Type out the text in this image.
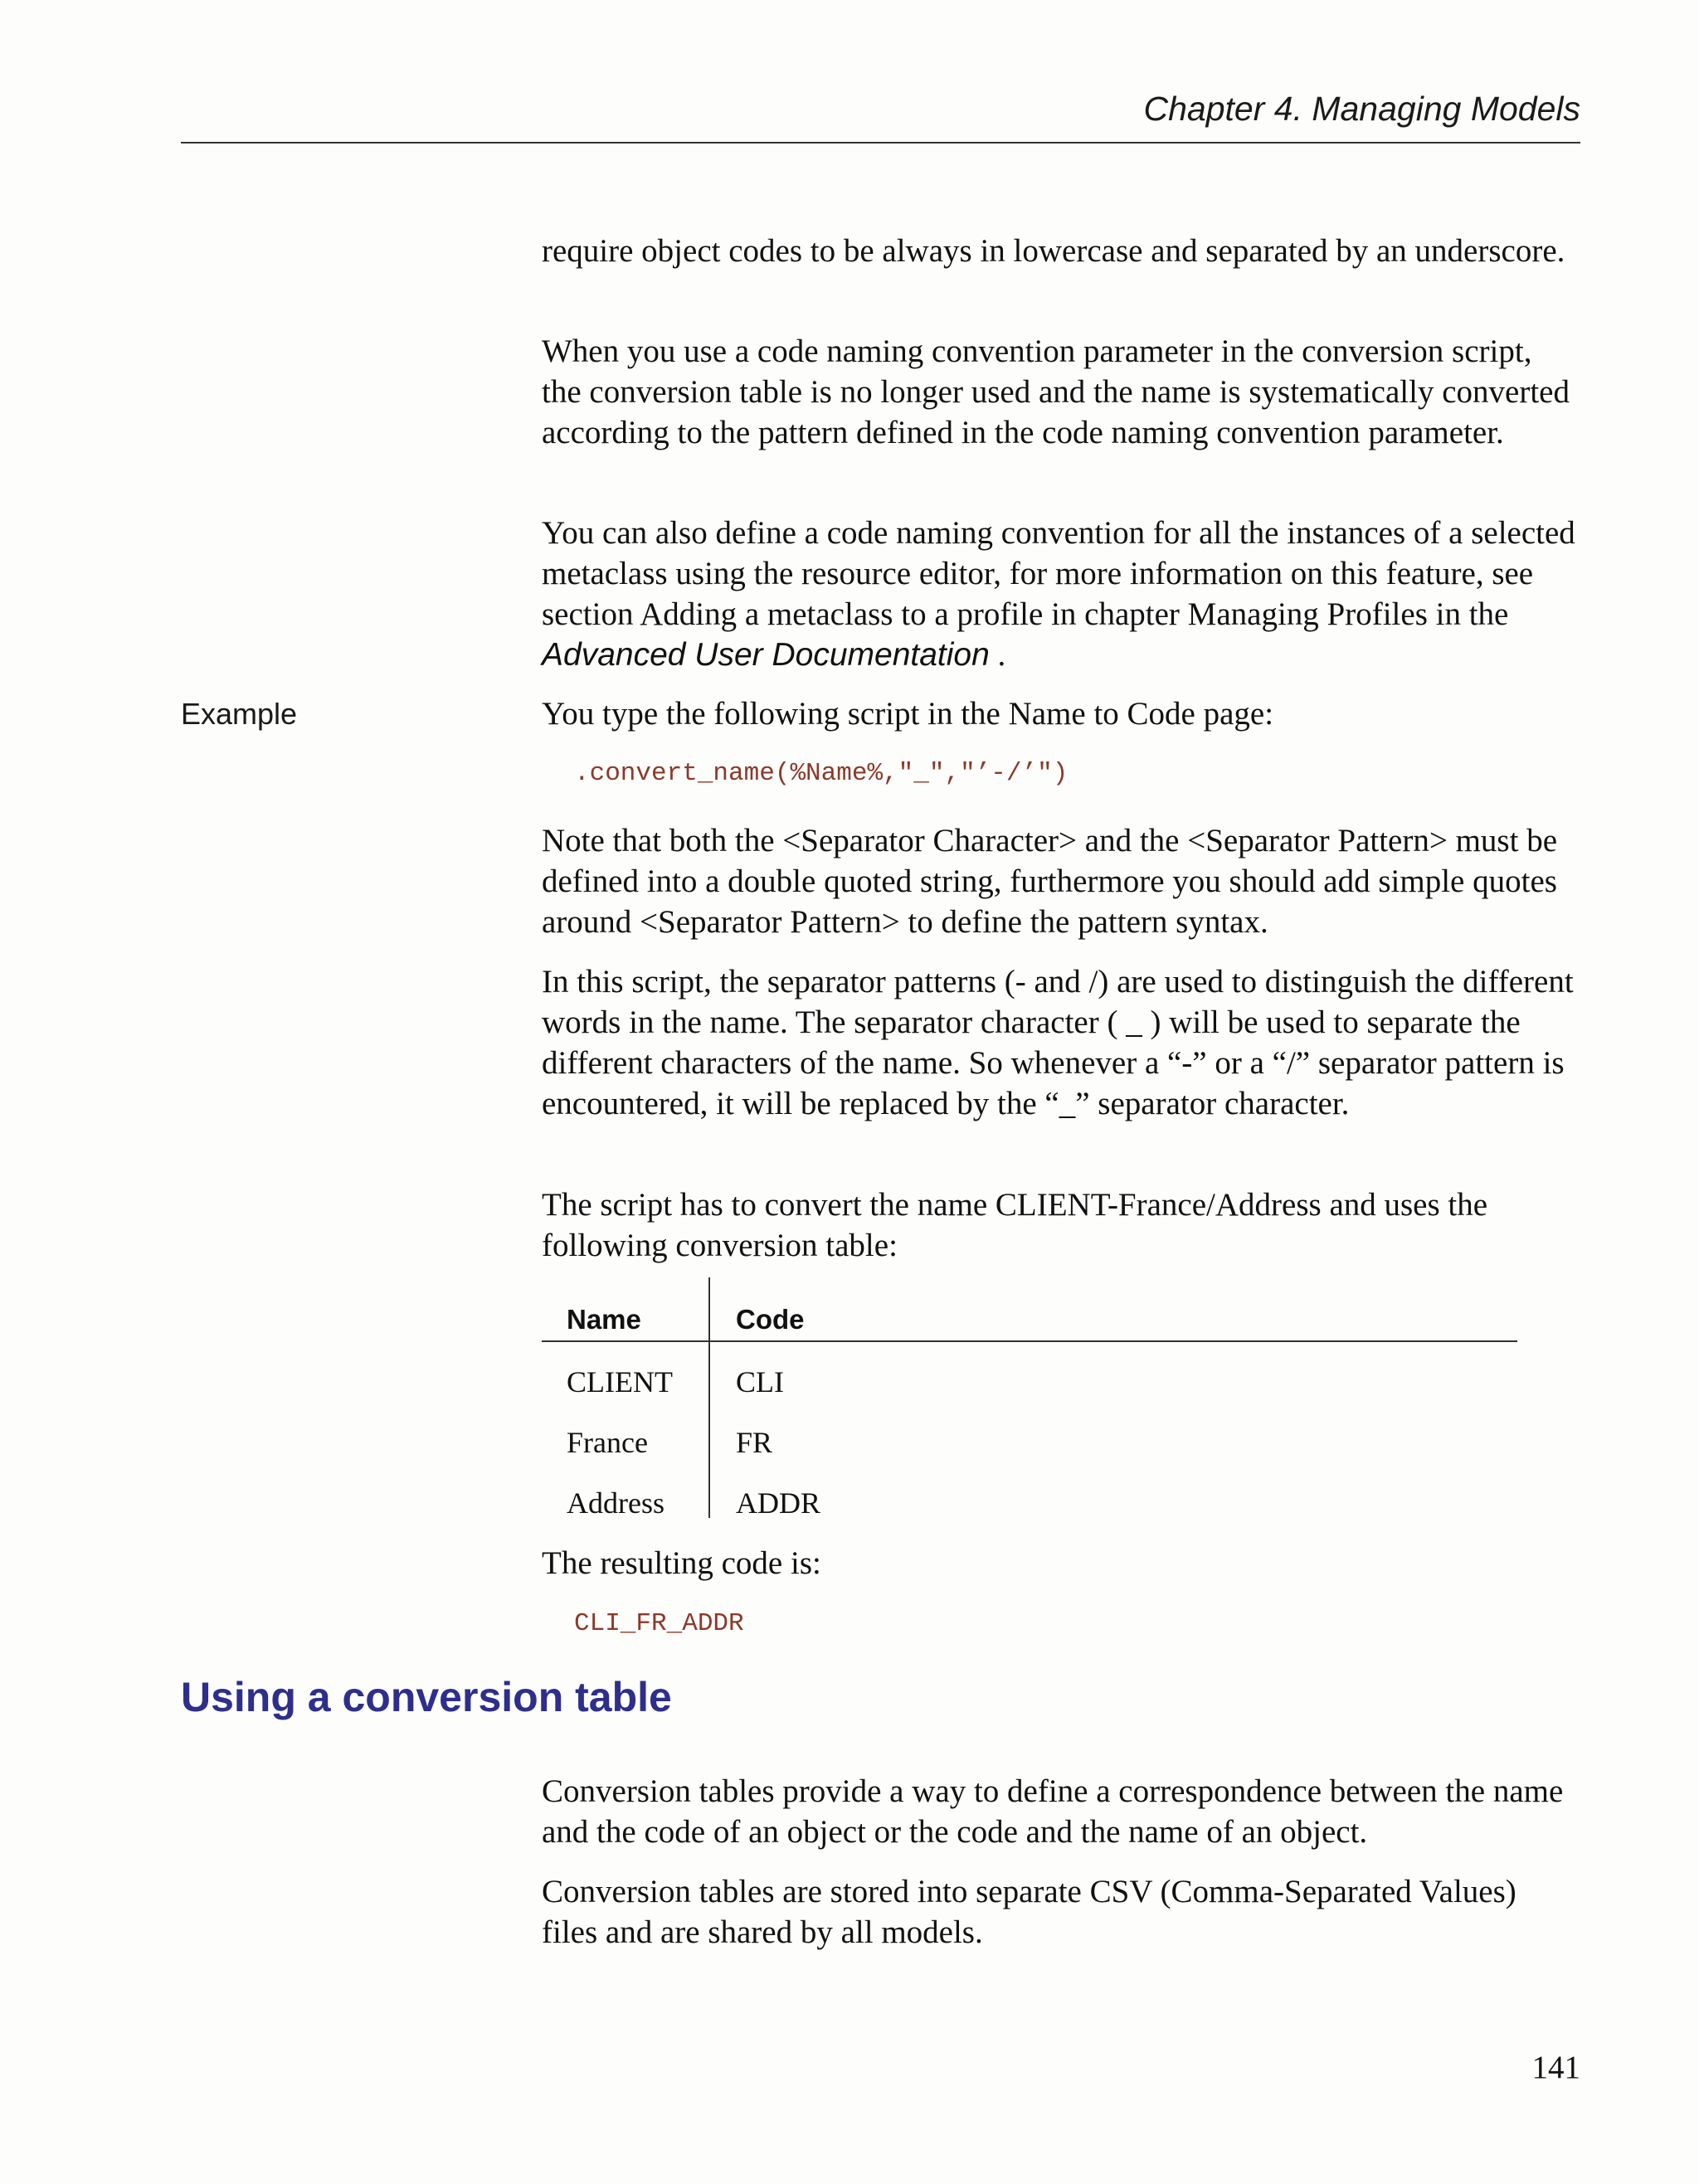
Chapter 4. Managing Models

require object codes to be always in lowercase and separated by an underscore.

When you use a code naming convention parameter in the conversion script, the conversion table is no longer used and the name is systematically converted according to the pattern defined in the code naming convention parameter.

You can also define a code naming convention for all the instances of a selected metaclass using the resource editor, for more information on this feature, see section Adding a metaclass to a profile in chapter Managing Profiles in the Advanced User Documentation .

Example	You type the following script in the Name to Code page:

.convert_name(%Name%,"_","’-/’")

Note that both the <Separator Character> and the <Separator Pattern> must be defined into a double quoted string, furthermore you should add simple quotes around <Separator Pattern> to define the pattern syntax.

In this script, the separator patterns (- and /) are used to distinguish the different words in the name. The separator character ( _ ) will be used to separate the different characters of the name. So whenever a “-” or a “/” separator pattern is encountered, it will be replaced by the “_” separator character.

The script has to convert the name CLIENT-France/Address and uses the following conversion table:

Name	Code
CLIENT CLI
France	FR
Address ADDR

The resulting code is:

CLI_FR_ADDR
Using a conversion table

Conversion tables provide a way to define a correspondence between the name and the code of an object or the code and the name of an object.

Conversion tables are stored into separate CSV (Comma-Separated Values) files and are shared by all models.

141
